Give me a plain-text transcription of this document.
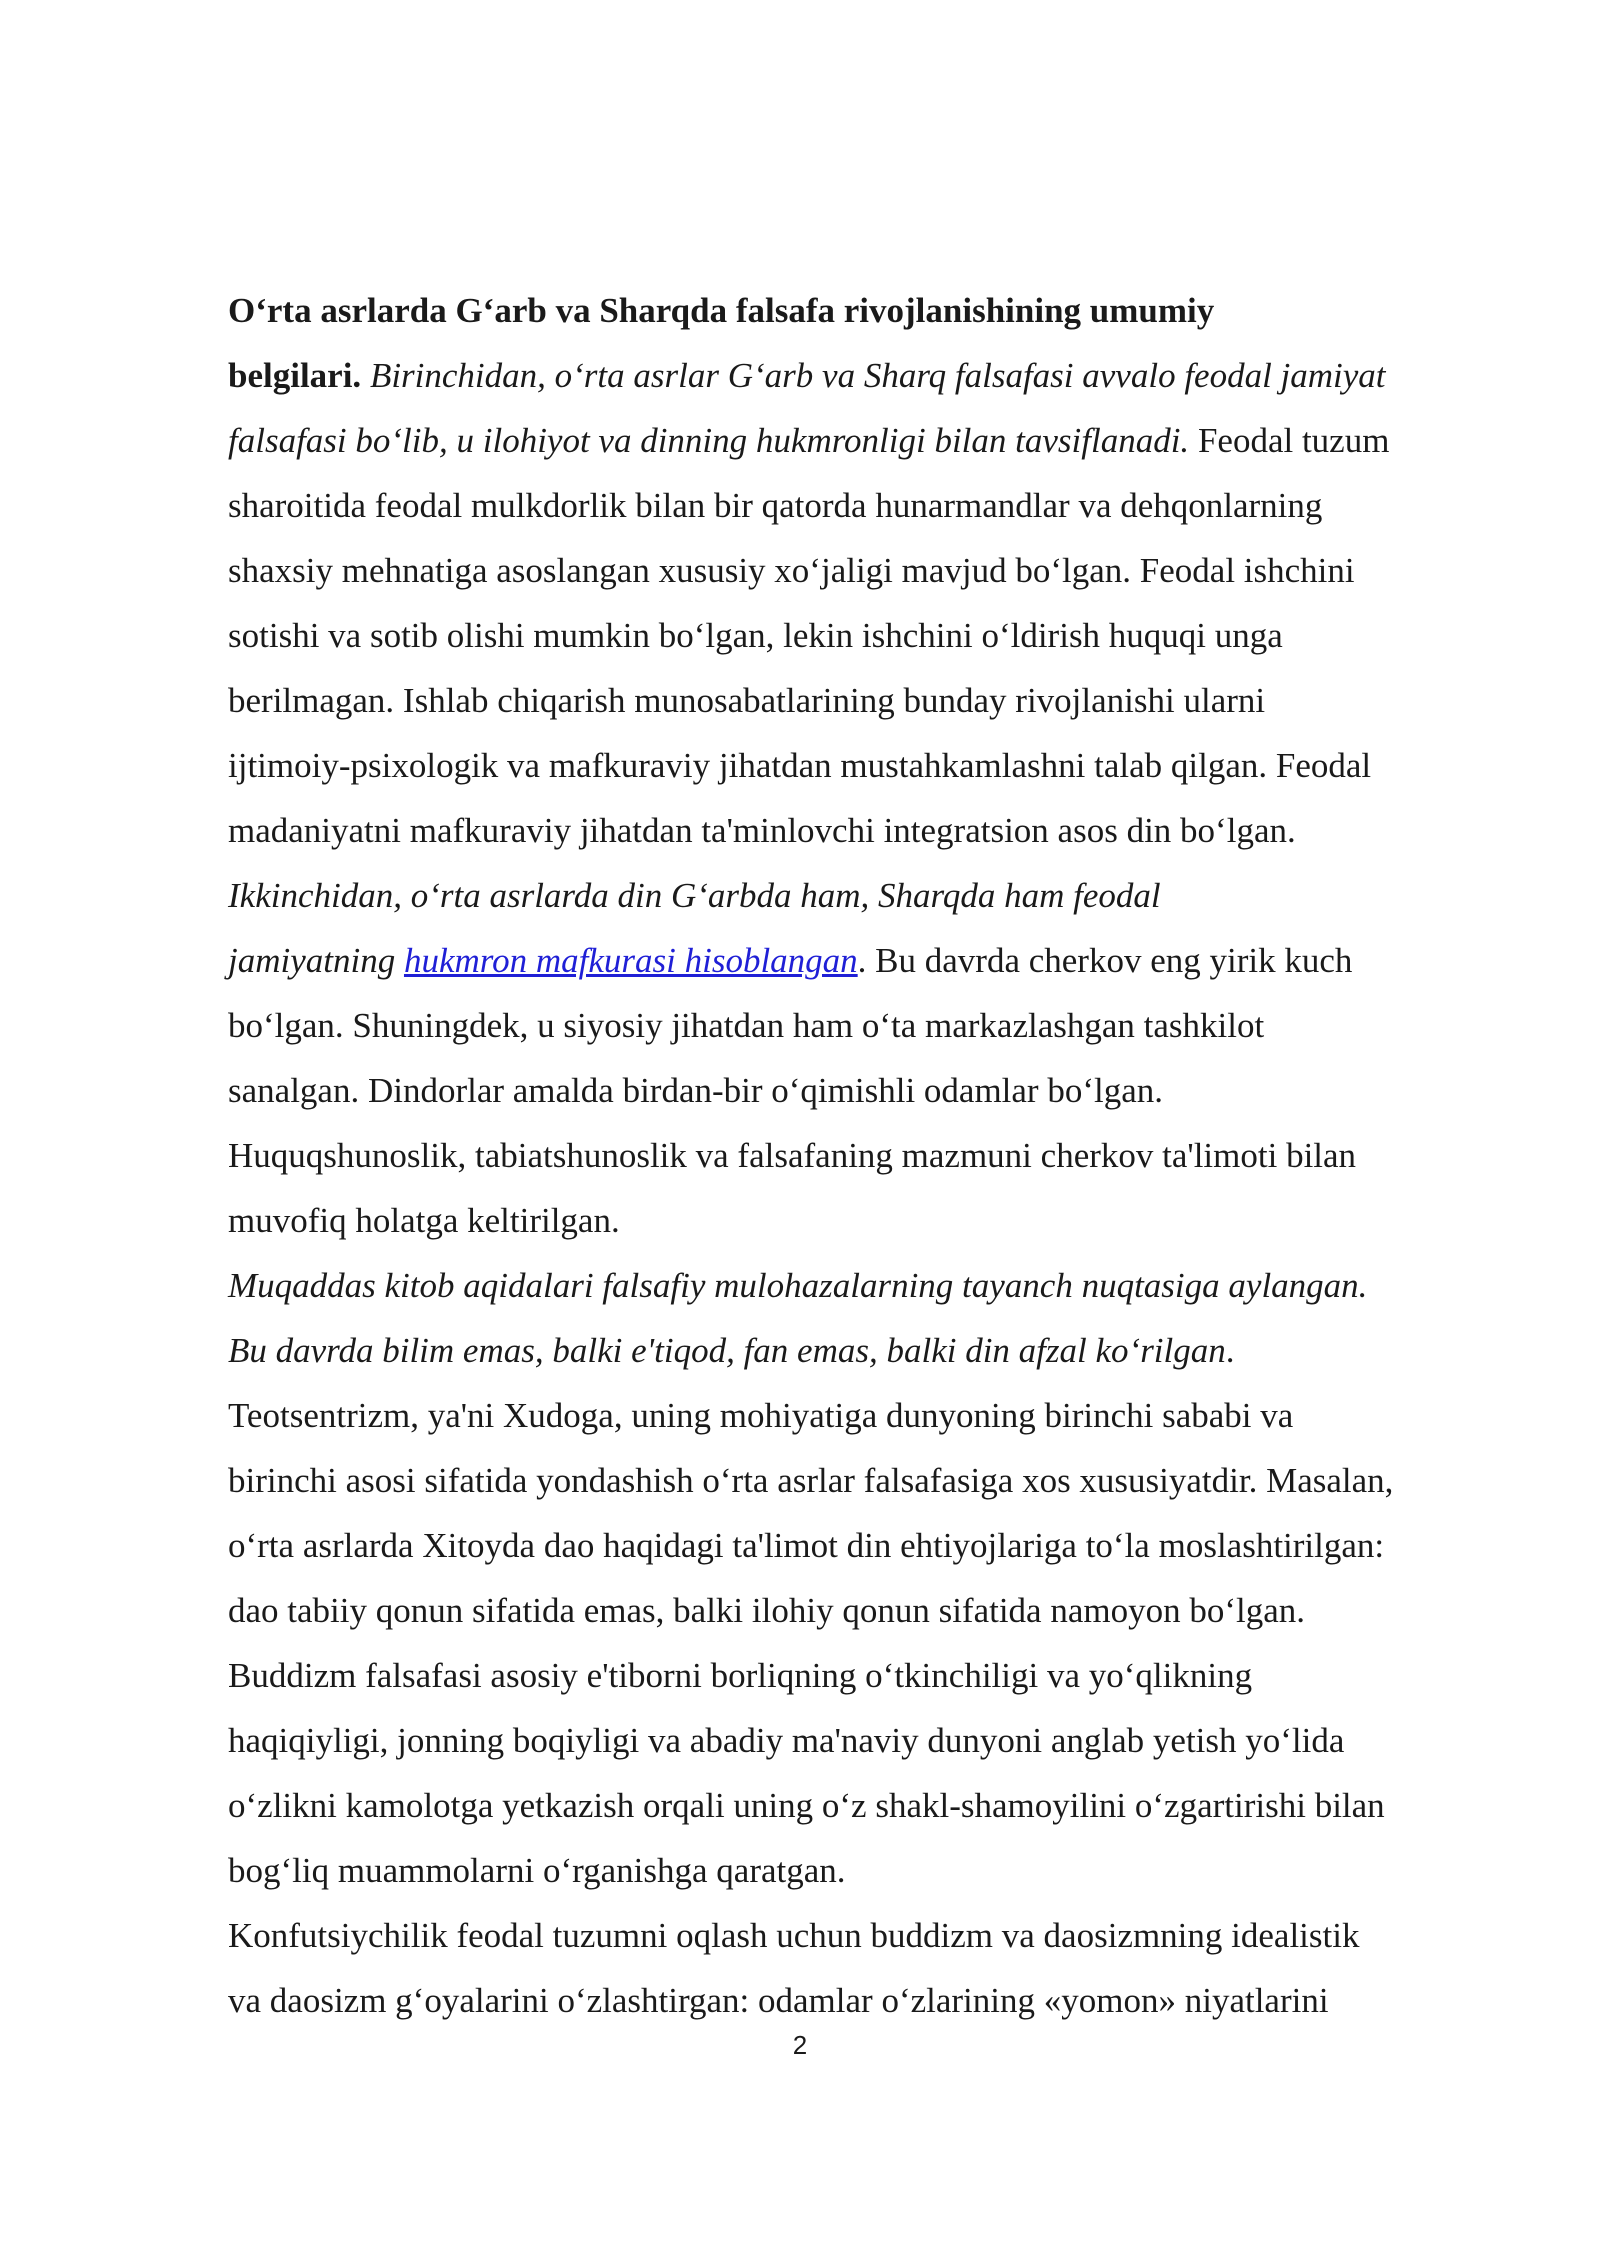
O‘rta asrlarda G‘arb va Sharqda falsafa rivojlanishining umumiy
belgilari. Birinchidan, o‘rta asrlar G‘arb va Sharq falsafasi avvalo feodal jamiyat
falsafasi bo‘lib, u ilohiyot va dinning hukmronligi bilan tavsiflanadi. Feodal tuzum
sharoitida feodal mulkdorlik bilan bir qatorda hunarmandlar va dehqonlarning
shaxsiy mehnatiga asoslangan xususiy xo‘jaligi mavjud bo‘lgan. Feodal ishchini
sotishi va sotib olishi mumkin bo‘lgan, lekin ishchini o‘ldirish huquqi unga
berilmagan. Ishlab chiqarish munosabatlarining bunday rivojlanishi ularni
ijtimoiy-psixologik va mafkuraviy jihatdan mustahkamlashni talab qilgan. Feodal
madaniyatni mafkuraviy jihatdan ta'minlovchi integratsion asos din bo‘lgan.
Ikkinchidan, o‘rta asrlarda din G‘arbda ham, Sharqda ham feodal
jamiyatning hukmron mafkurasi hisoblangan. Bu davrda cherkov eng yirik kuch
bo‘lgan. Shuningdek, u siyosiy jihatdan ham o‘ta markazlashgan tashkilot
sanalgan. Dindorlar amalda birdan-bir o‘qimishli odamlar bo‘lgan.
Huquqshunoslik, tabiatshunoslik va falsafaning mazmuni cherkov ta'limoti bilan
muvofiq holatga keltirilgan.
Muqaddas kitob aqidalari falsafiy mulohazalarning tayanch nuqtasiga aylangan.
Bu davrda bilim emas, balki e'tiqod, fan emas, balki din afzal ko‘rilgan.
Teotsentrizm, ya'ni Xudoga, uning mohiyatiga dunyoning birinchi sababi va
birinchi asosi sifatida yondashish o‘rta asrlar falsafasiga xos xususiyatdir. Masalan,
o‘rta asrlarda Xitoyda dao haqidagi ta'limot din ehtiyojlariga to‘la moslashtirilgan:
dao tabiiy qonun sifatida emas, balki ilohiy qonun sifatida namoyon bo‘lgan.
Buddizm falsafasi asosiy e'tiborni borliqning o‘tkinchiligi va yo‘qlikning
haqiqiyligi, jonning boqiyligi va abadiy ma'naviy dunyoni anglab yetish yo‘lida
o‘zlikni kamolotga yetkazish orqali uning o‘z shakl-shamoyilini o‘zgartirishi bilan
bog‘liq muammolarni o‘rganishga qaratgan.
Konfutsiychilik feodal tuzumni oqlash uchun buddizm va daosizmning idealistik
va daosizm g‘oyalarini o‘zlashtirgan: odamlar o‘zlarining «yomon» niyatlarini
2
